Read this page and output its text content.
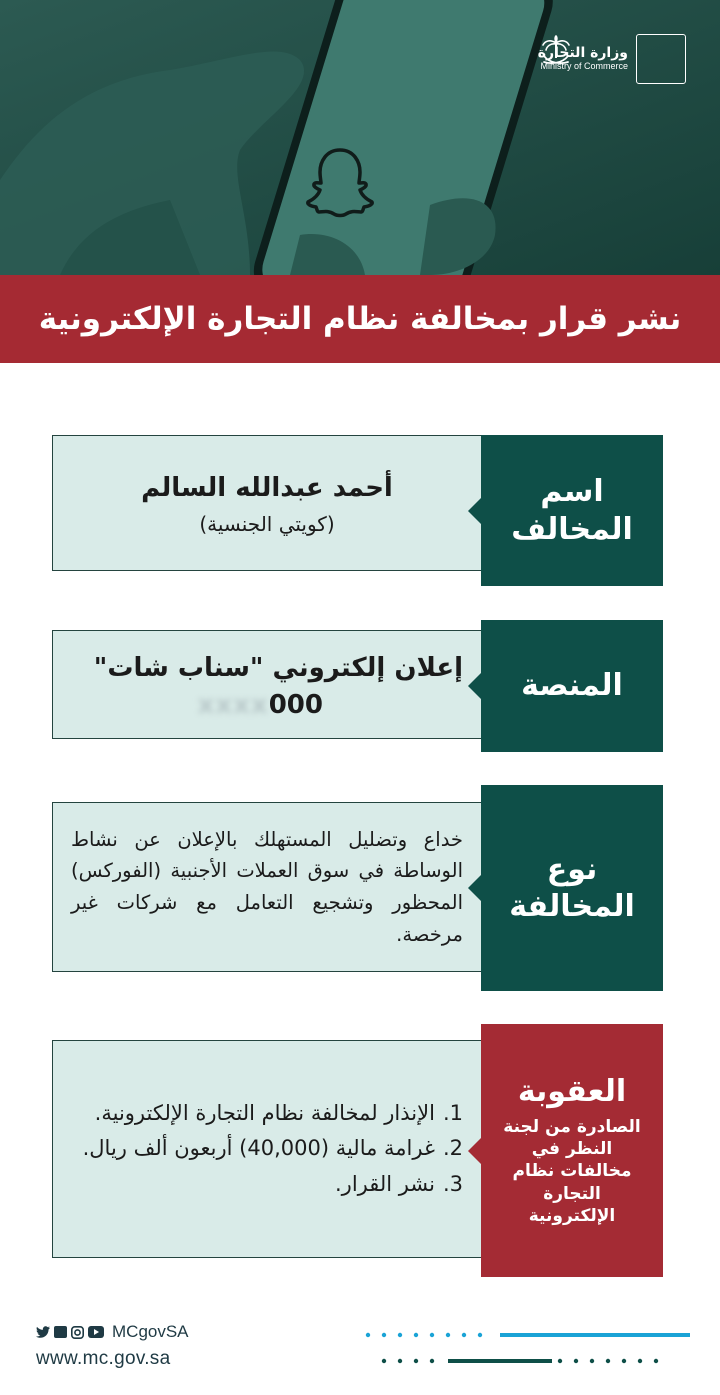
وزارة التجارة
Ministry of Commerce
نشر قرار بمخالفة نظام التجارة الإلكترونية
أحمد عبدالله السالم
(كويتي الجنسية)
اسم المخالف
إعلان إلكتروني "سناب شات"
xxxx 000
المنصة
خداع وتضليل المستهلك بالإعلان عن نشاط الوساطة في سوق العملات الأجنبية (الفوركس) المحظور وتشجيع التعامل مع شركات غير مرخصة.
نوع المخالفة
1.
الإنذار لمخالفة نظام التجارة الإلكترونية.
2.
غرامة مالية (40,000) أربعون ألف ريال.
3.
نشر القرار.
العقوبة
الصادرة من لجنة النظر في مخالفات نظام التجارة الإلكترونية
MCgovSA
www.mc.gov.sa
